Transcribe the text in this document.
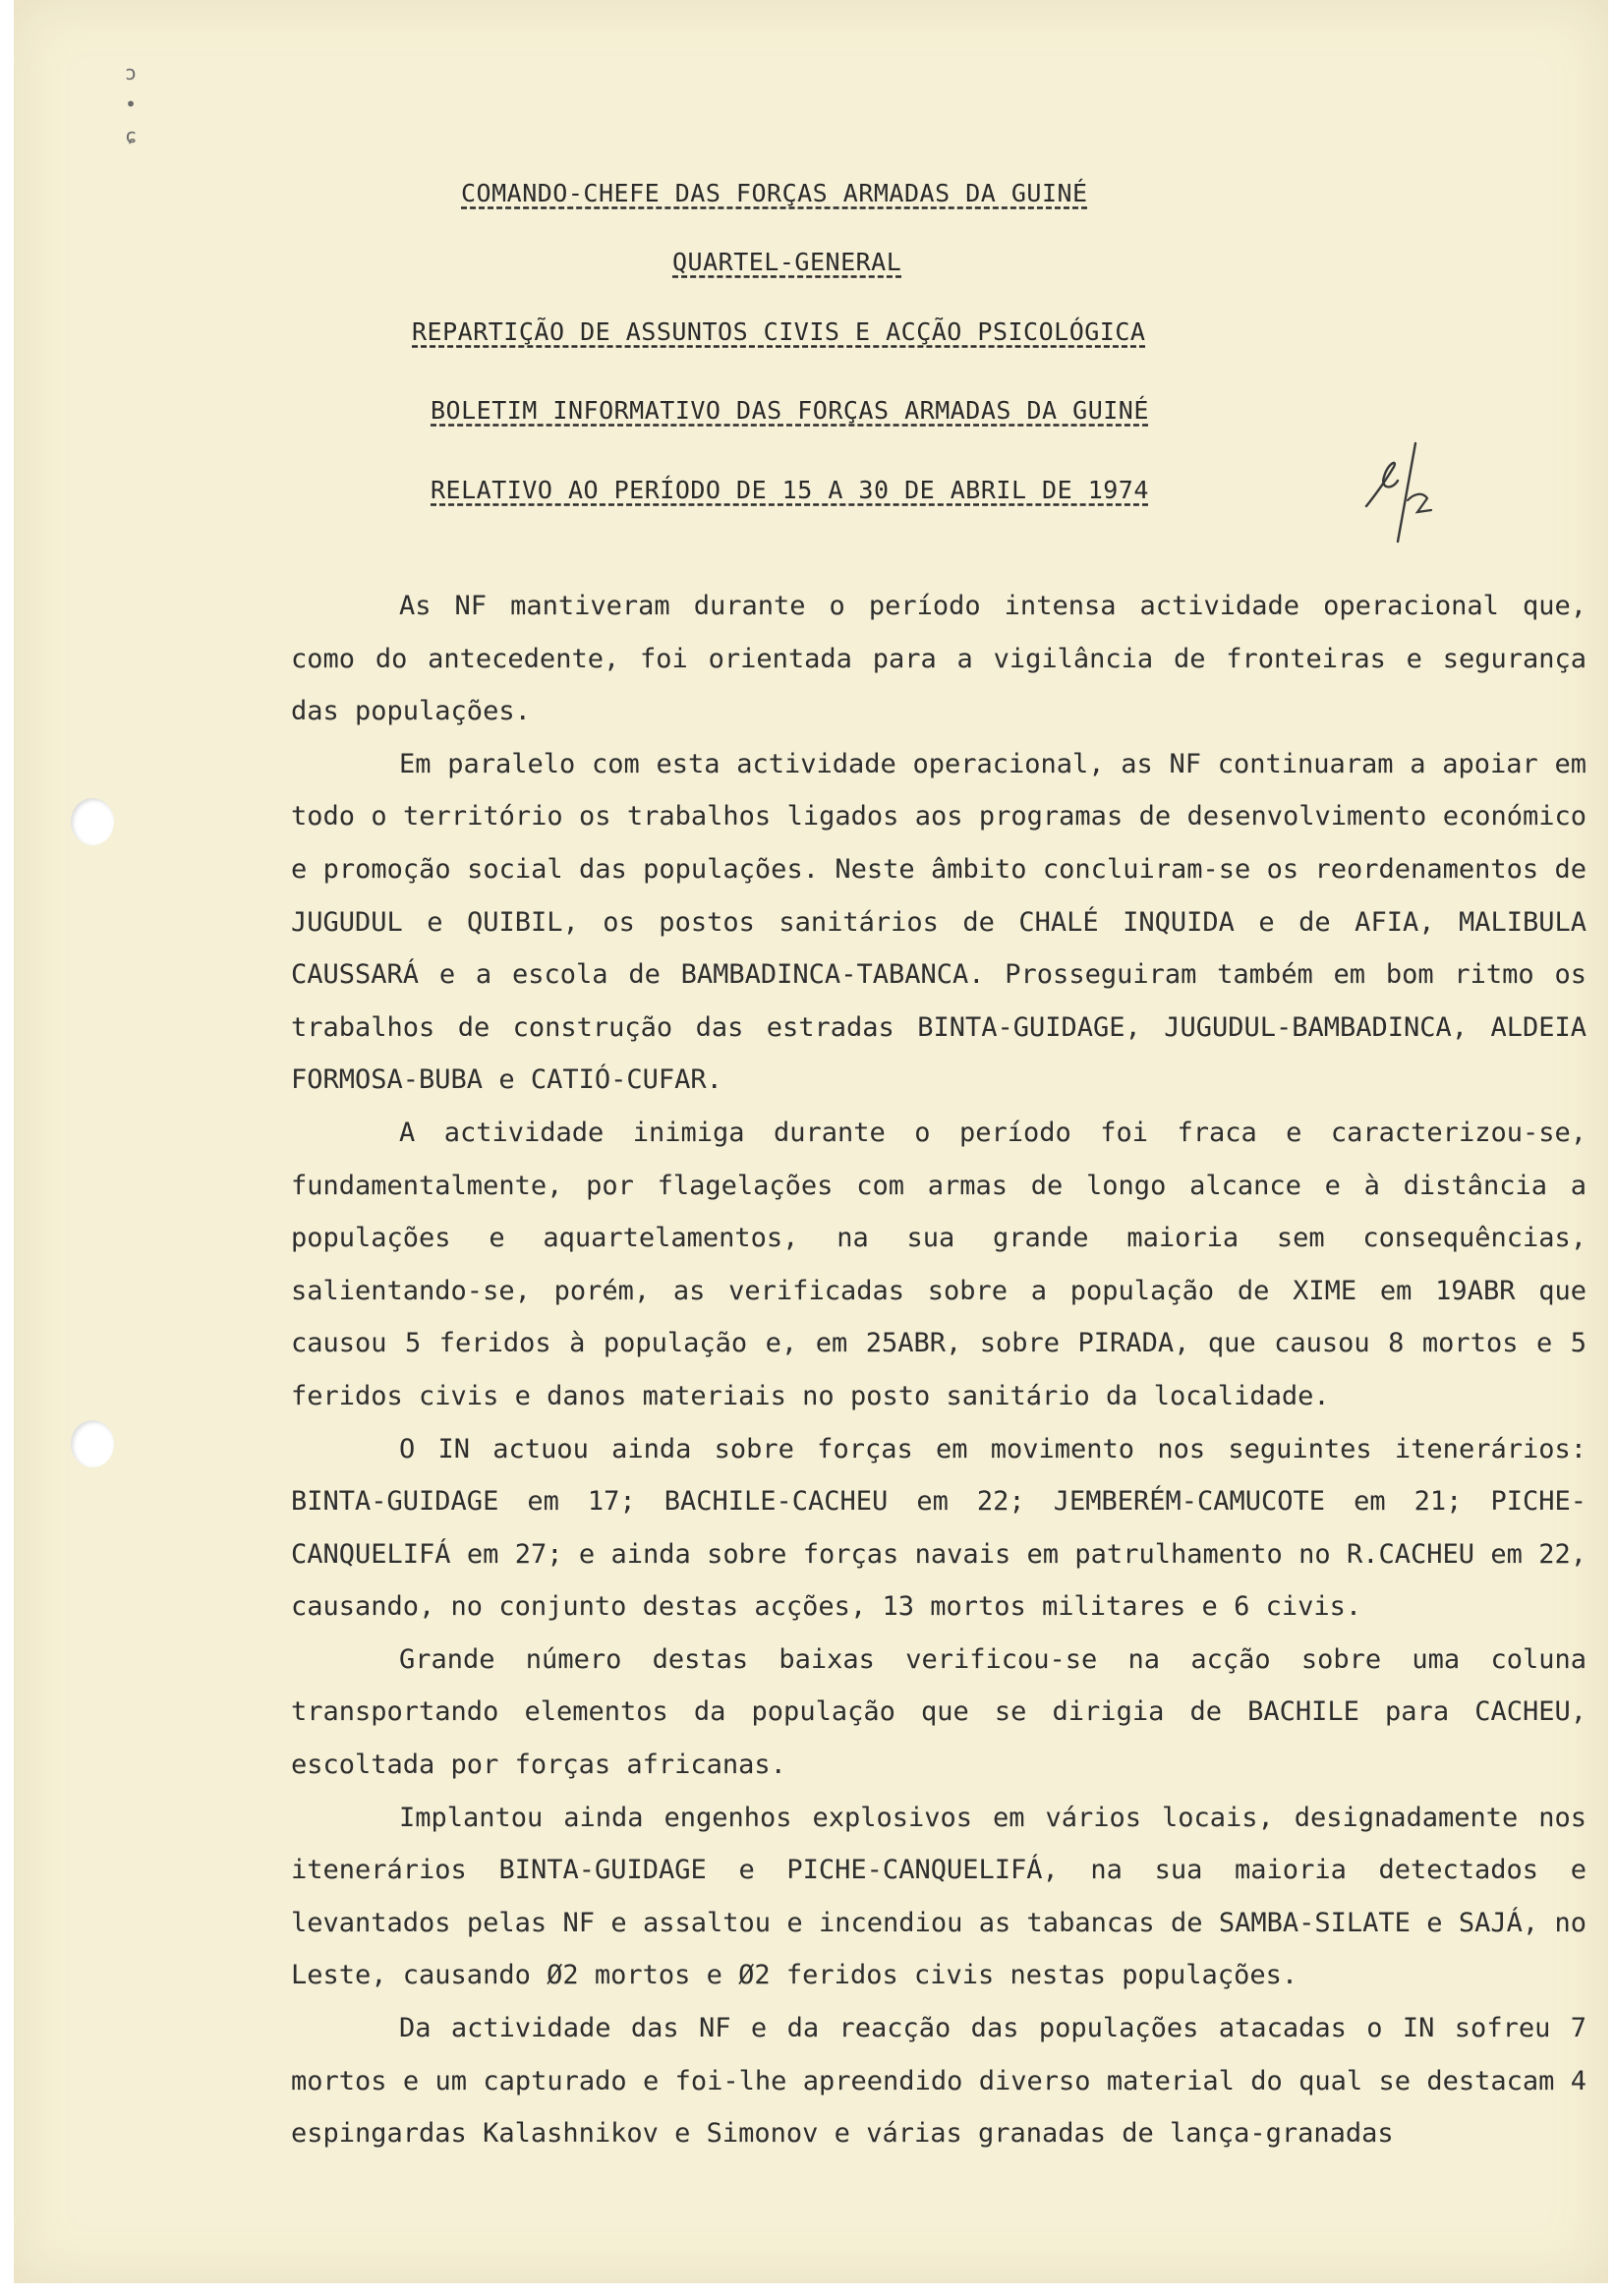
ɔ • ɕ
COMANDO-CHEFE DAS FORÇAS ARMADAS DA GUINÉ
QUARTEL-GENERAL
REPARTIÇÃO DE ASSUNTOS CIVIS E ACÇÃO PSICOLÓGICA
BOLETIM INFORMATIVO DAS FORÇAS ARMADAS DA GUINÉ
RELATIVO AO PERÍODO DE 15 A 30 DE ABRIL DE 1974

As NF mantiveram durante o período intensa actividade operacional que, como do antecedente, foi orientada para a vigilância de fronteiras e segurança das populações.

Em paralelo com esta actividade operacional, as NF continuaram a apoiar em todo o território os trabalhos ligados aos programas de desenvolvimento económico e promoção social das populações. Neste âmbito concluiram-se os reordenamentos de JUGUDUL e QUIBIL, os postos sanitários de CHALÉ INQUIDA e de AFIA, MALIBULA CAUSSARÁ e a escola de BAMBADINCA-TABANCA. Prosseguiram também em bom ritmo os trabalhos de construção das estradas BINTA-GUIDAGE, JUGUDUL-BAMBADINCA, ALDEIA FORMOSA-BUBA e CATIÓ-CUFAR.

A actividade inimiga durante o período foi fraca e caracterizou-se, fundamentalmente, por flagelações com armas de longo alcance e à distância a populações e aquartelamentos, na sua grande maioria sem consequências, salientando-se, porém, as verificadas sobre a população de XIME em 19ABR que causou 5 feridos à população e, em 25ABR, sobre PIRADA, que causou 8 mortos e 5 feridos civis e danos materiais no posto sanitário da localidade.

O IN actuou ainda sobre forças em movimento nos seguintes itenerários: BINTA-GUIDAGE em 17; BACHILE-CACHEU em 22; JEMBERÉM-CAMUCOTE em 21; PICHE-CANQUELIFÁ em 27; e ainda sobre forças navais em patrulhamento no R.CACHEU em 22, causando, no conjunto destas acções, 13 mortos militares e 6 civis.

Grande número destas baixas verificou-se na acção sobre uma coluna transportando elementos da população que se dirigia de BACHILE para CACHEU, escoltada por forças africanas.

Implantou ainda engenhos explosivos em vários locais, designadamente nos itenerários BINTA-GUIDAGE e PICHE-CANQUELIFÁ, na sua maioria detectados e levantados pelas NF e assaltou e incendiou as tabancas de SAMBA-SILATE e SAJÁ, no Leste, causando Ø2 mortos e Ø2 feridos civis nestas populações.

Da actividade das NF e da reacção das populações atacadas o IN sofreu 7 mortos e um capturado e foi-lhe apreendido diverso material do qual se destacam 4 espingardas Kalashnikov e Simonov e várias granadas de lança-granadas
